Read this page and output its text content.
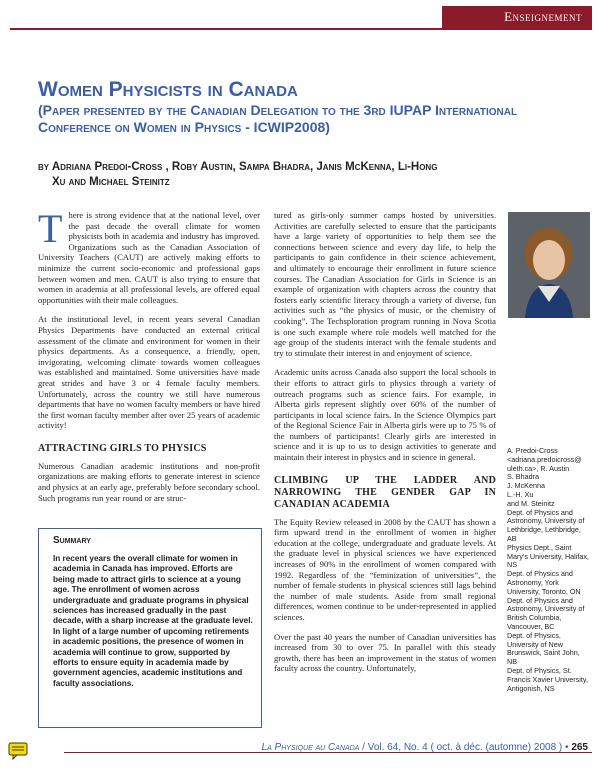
Enseignement
Women Physicists in Canada
(Paper presented by the Canadian Delegation to the 3rd IUPAP International Conference on Women in Physics - ICWIP2008)
by Adriana Predoi-Cross , Roby Austin, Sampa Bhadra, Janis McKenna, Li-Hong
Xu and Michael Steinitz

There is strong evidence that at the national level, over the past decade the overall climate for women physicists both in academia and industry has improved. Organizations such as the Canadian Association of University Teachers (CAUT) are actively making efforts to minimize the current socio-economic and professional gaps between women and men. CAUT is also trying to ensure that women in academia at all professional levels, are offered equal opportunities with their male colleagues.

At the institutional level, in recent years several Canadian Physics Departments have conducted an external critical assessment of the climate and environment for women in their physics departments. As a consequence, a friendly, open, invigorating, welcoming climate towards women colleagues was established and maintained. Some universities have made great strides and have 3 or 4 female faculty members. Unfortunately, across the country we still have numerous departments that have no women faculty members or have hired the first woman faculty member after over 25 years of academic activity!

ATTRACTING GIRLS TO PHYSICS

Numerous Canadian academic institutions and non-profit organizations are making efforts to generate interest in science and physics at an early age, preferably before secondary school. Such programs run year round or are struc-

Summary
In recent years the overall climate for women in academia in Canada has improved. Efforts are being made to attract girls to science at a young age. The enrollment of women across undergraduate and graduate programs in physical sciences has increased gradually in the past decade, with a sharp increase at the graduate level. In light of a large number of upcoming retirements in academic positions, the presence of women in academia will continue to grow, supported by efforts to ensure equity in academia made by government agencies, academic institutions and faculty associations.

tured as girls-only summer camps hosted by universities. Activities are carefully selected to ensure that the participants have a large variety of opportunities to help them see the connections between science and every day life, to help the participants to gain confidence in their science achievement, and ultimately to encourage their enrollment in future science courses. The Canadian Association for Girls in Science is an example of organization with chapters across the country that fosters early scientific literacy through a variety of diverse, fun activities such as “the physics of music, or the chemistry of cooking”. The Techsploration program running in Nova Scotia is one such example where role models well matched for the age group of the students interact with the female students and try to stimulate their interest in and enjoyment of science.

Academic units across Canada also support the local schools in their efforts to attract girls to physics through a variety of outreach programs such as science fairs. For example, in Alberta girls represent slightly over 60% of the number of participants in local science fairs. In the Science Olympics part of the Regional Science Fair in Alberta girls were up to 75 % of the numbers of participants! Clearly girls are interested in science and it is up to us to design activities to generate and maintain their interest in physics and in science in general.

CLIMBING UP THE LADDER AND NARROWING THE GENDER GAP IN CANADIAN ACADEMIA

The Equity Review released in 2008 by the CAUT has shown a firm upward trend in the enrollment of women in higher education at the college, undergraduate and graduate levels. At the graduate level in physical sciences we have experienced increases of 90% in the enrollment of women compared with 1992. Regardless of the “feminization of universities”, the number of female students in physical sciences still lags behind the number of male students. Aside from small regional differences, women continue to be under-represented in applied sciences.

Over the past 40 years the number of Canadian universities has increased from 30 to over 75. In parallel with this steady growth, there has been an improvement in the status of women faculty across the country. Unfortunately,

A. Predoi-Cross

<adriana.predoicross@

uleth.ca>, R. Austin

S. Bhadra

J. McKenna

L.-H. Xu

and M. Steinitz

Dept. of Physics and Astronomy, University of Lethbridge, Lethbridge, AB

Physics Dept., Saint Mary's University, Halifax, NS

Dept. of Physics and Astronomy, York University, Toronto, ON

Dept. of Physics and Astronomy, University of British Columbia, Vancouver, BC

Dept. of Physics, University of New Brunswick, Saint John, NB

Dept. of Physics, St. Francis Xavier University, Antigonish, NS

La Physique au Canada / Vol. 64, No. 4 ( oct. à déc. (automne) 2008 ) • 265
